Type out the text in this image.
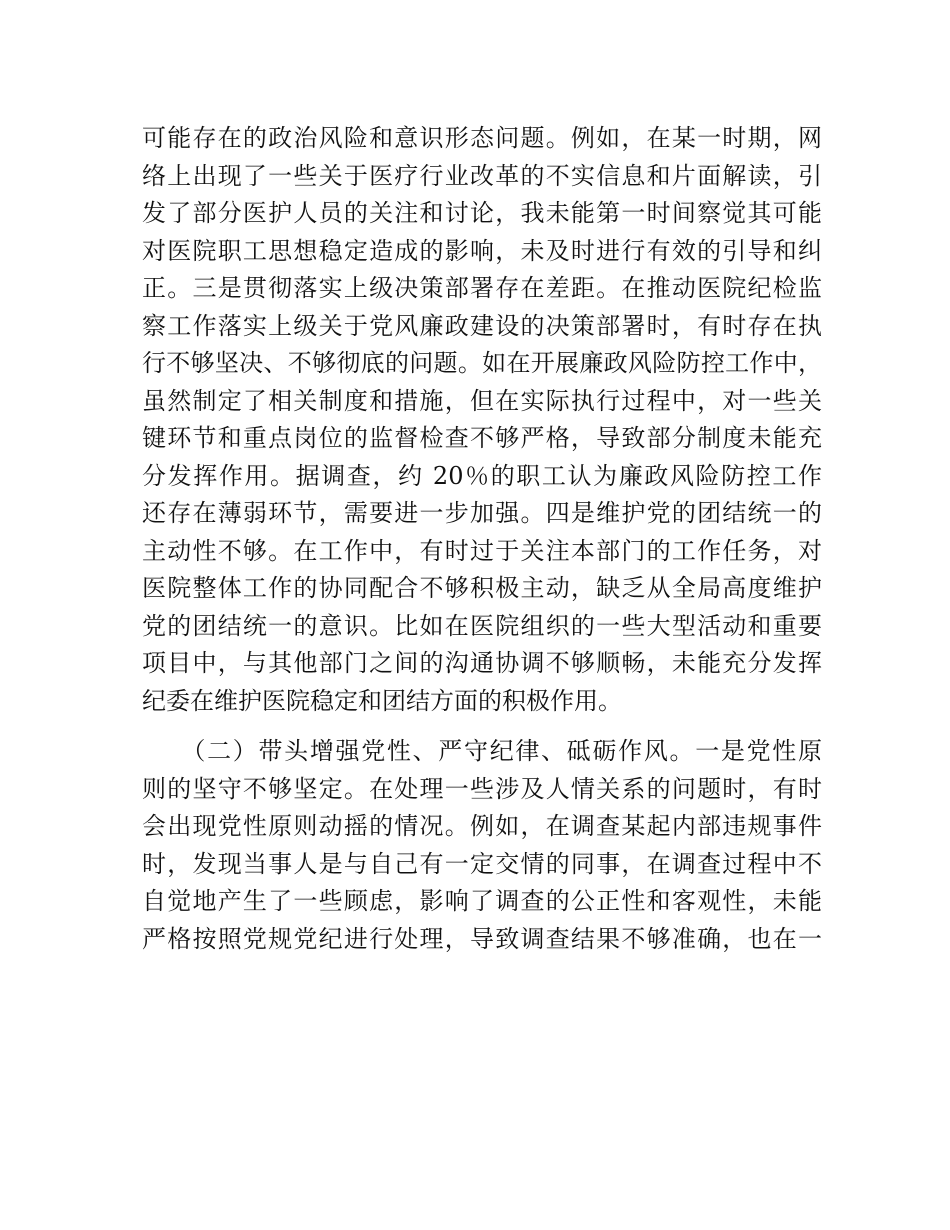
可能存在的政治风险和意识形态问题。例如，在某一时期，网
络上出现了一些关于医疗行业改革的不实信息和片面解读，引
发了部分医护人员的关注和讨论，我未能第一时间察觉其可能
对医院职工思想稳定造成的影响，未及时进行有效的引导和纠
正。三是贯彻落实上级决策部署存在差距。在推动医院纪检监
察工作落实上级关于党风廉政建设的决策部署时，有时存在执
行不够坚决、不够彻底的问题。如在开展廉政风险防控工作中，
虽然制定了相关制度和措施，但在实际执行过程中，对一些关
键环节和重点岗位的监督检查不够严格，导致部分制度未能充
分发挥作用。据调查，约 20％的职工认为廉政风险防控工作
还存在薄弱环节，需要进一步加强。四是维护党的团结统一的
主动性不够。在工作中，有时过于关注本部门的工作任务，对
医院整体工作的协同配合不够积极主动，缺乏从全局高度维护
党的团结统一的意识。比如在医院组织的一些大型活动和重要
项目中，与其他部门之间的沟通协调不够顺畅，未能充分发挥
纪委在维护医院稳定和团结方面的积极作用。
　　（二）带头增强党性、严守纪律、砥砺作风。一是党性原
则的坚守不够坚定。在处理一些涉及人情关系的问题时，有时
会出现党性原则动摇的情况。例如，在调查某起内部违规事件
时，发现当事人是与自己有一定交情的同事，在调查过程中不
自觉地产生了一些顾虑，影响了调查的公正性和客观性，未能
严格按照党规党纪进行处理，导致调查结果不够准确，也在一
